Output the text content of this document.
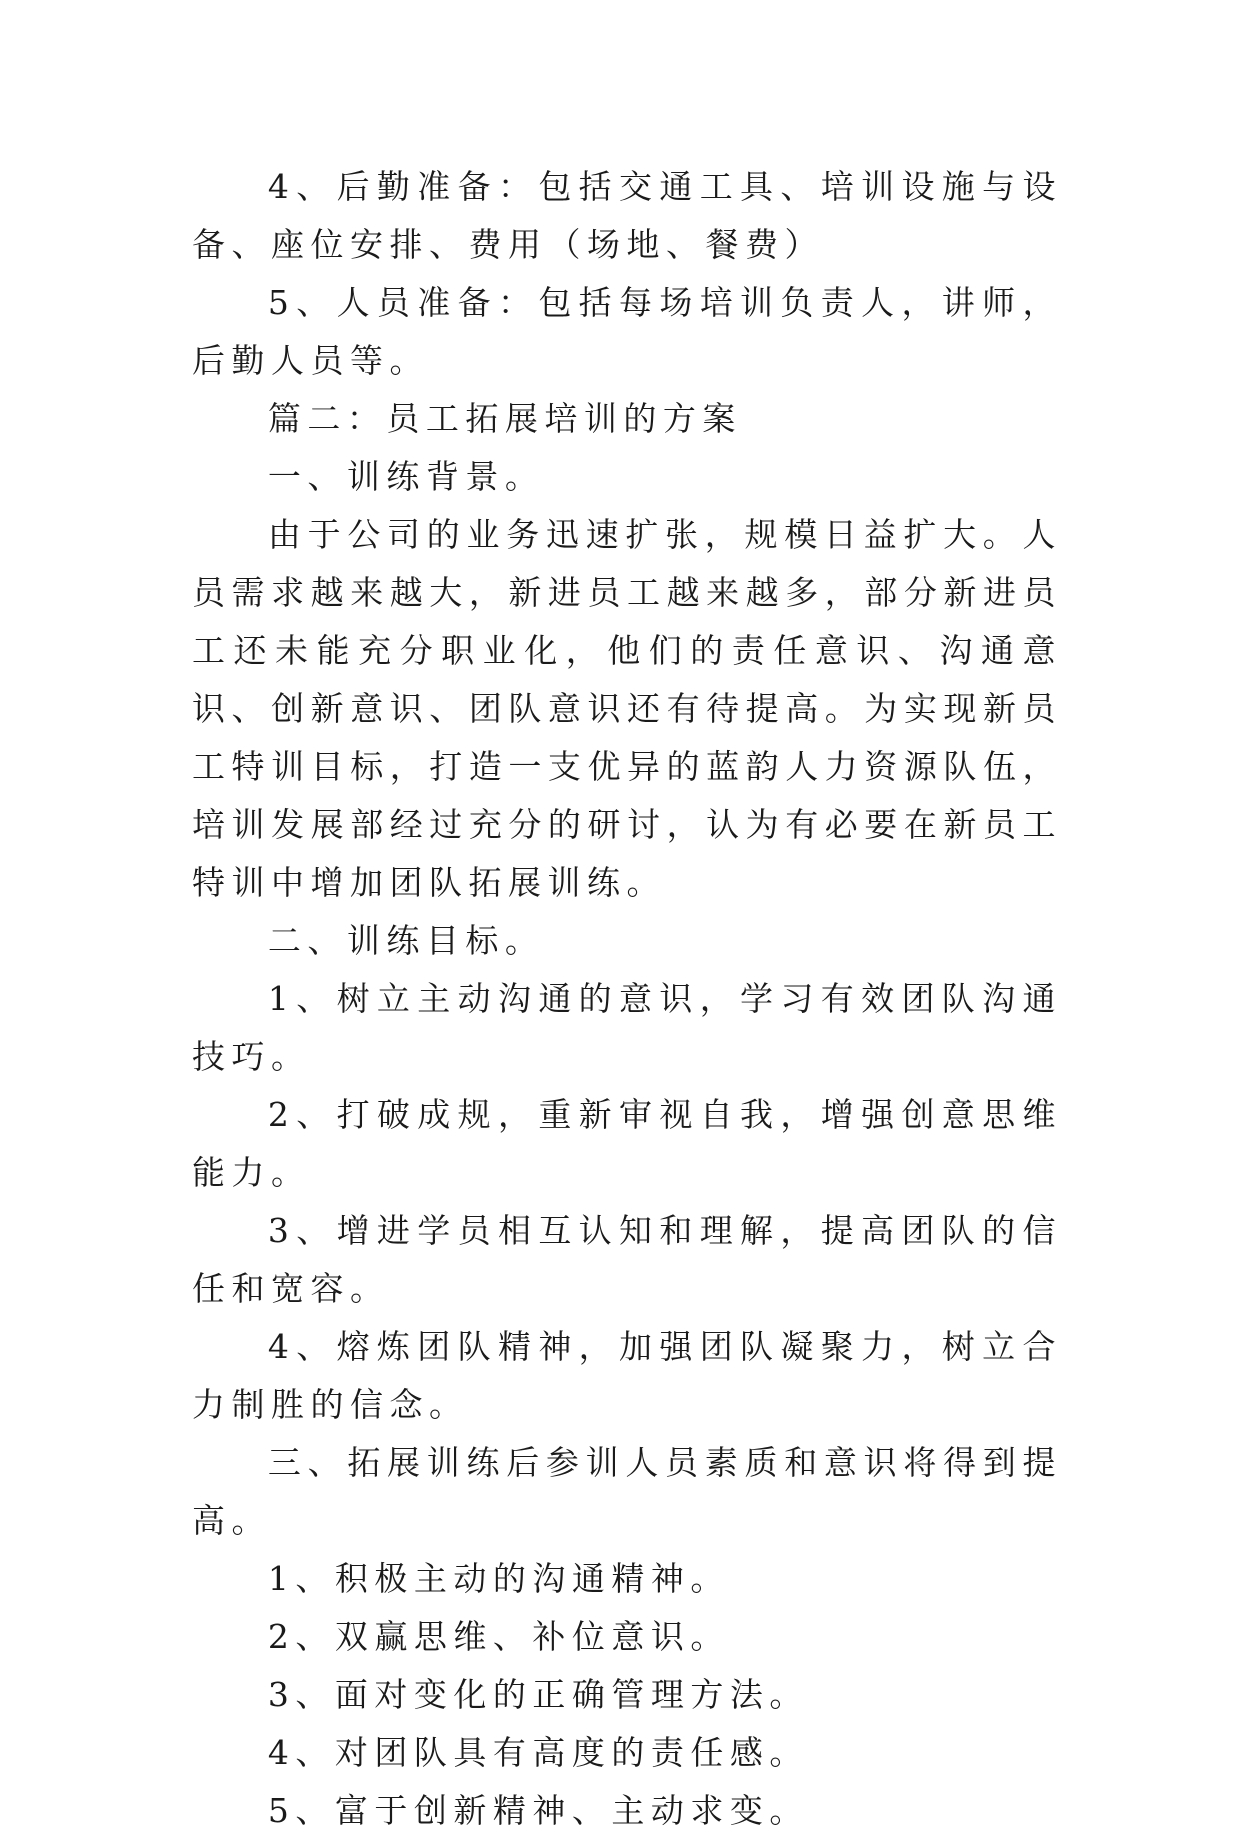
4、后勤准备：包括交通工具、培训设施与设备、座位安排、费用（场地、餐费）

5、人员准备：包括每场培训负责人，讲师，后勤人员等。

篇二：员工拓展培训的方案

一、训练背景。

由于公司的业务迅速扩张，规模日益扩大。人员需求越来越大，新进员工越来越多，部分新进员工还未能充分职业化，他们的责任意识、沟通意识、创新意识、团队意识还有待提高。为实现新员工特训目标，打造一支优异的蓝韵人力资源队伍，培训发展部经过充分的研讨，认为有必要在新员工特训中增加团队拓展训练。

二、训练目标。

1、树立主动沟通的意识，学习有效团队沟通技巧。

2、打破成规，重新审视自我，增强创意思维能力。

3、增进学员相互认知和理解，提高团队的信任和宽容。

4、熔炼团队精神，加强团队凝聚力，树立合力制胜的信念。

三、拓展训练后参训人员素质和意识将得到提高。

1、积极主动的沟通精神。

2、双赢思维、补位意识。

3、面对变化的正确管理方法。

4、对团队具有高度的责任感。

5、富于创新精神、主动求变。
